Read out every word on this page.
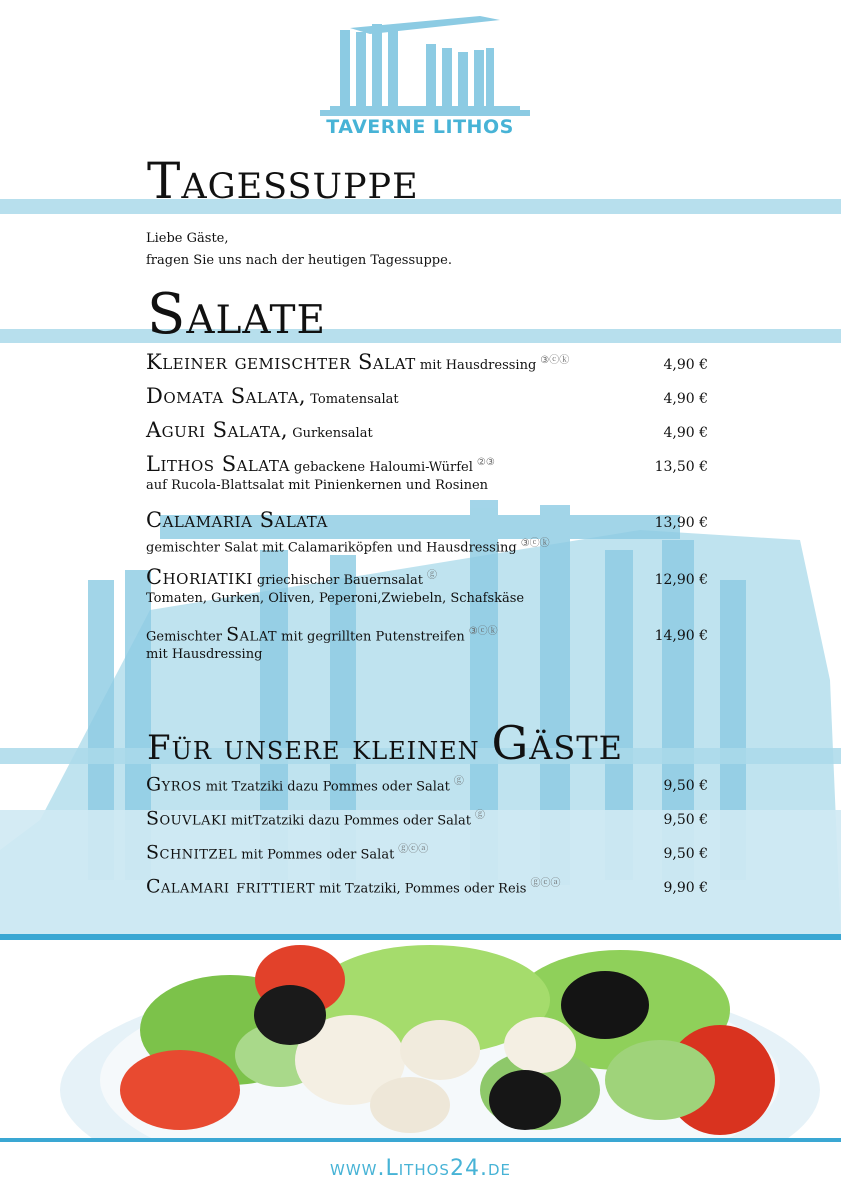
TAVERNE LITHOS
Tagessuppe
Liebe Gäste,
fragen Sie uns nach der heutigen Tagessuppe.
Salate
Kleiner gemischter Salat mit Hausdressing ③ⓒⓚ	4,90 €
Domata Salata, Tomatensalat	4,90 €
Aguri Salata, Gurkensalat	4,90 €
Lithos Salata gebackene Haloumi-Würfel ②③	13,50 €
auf Rucola-Blattsalat mit Pinienkernen und Rosinen
Calamaria Salata	13,90 €
gemischter Salat mit Calamariköpfen und Hausdressing ③ⓒⓚ
Choriatiki griechischer Bauernsalat ⓖ	12,90 €
Tomaten, Gurken, Oliven, Peperoni,Zwiebeln, Schafskäse
Gemischter Salat mit gegrillten Putenstreifen ③ⓒⓚ	14,90 €
mit Hausdressing
Für unsere kleinen Gäste
Gyros mit Tzatziki dazu Pommes oder Salat ⓖ	9,50 €
Souvlaki mitTzatziki dazu Pommes oder Salat ⓖ	9,50 €
Schnitzel mit Pommes oder Salat ⓖⓒⓐ	9,50 €
Calamari frittiert mit Tzatziki, Pommes oder Reis ⓖⓒⓐ	9,90 €
www.Lithos24.de
